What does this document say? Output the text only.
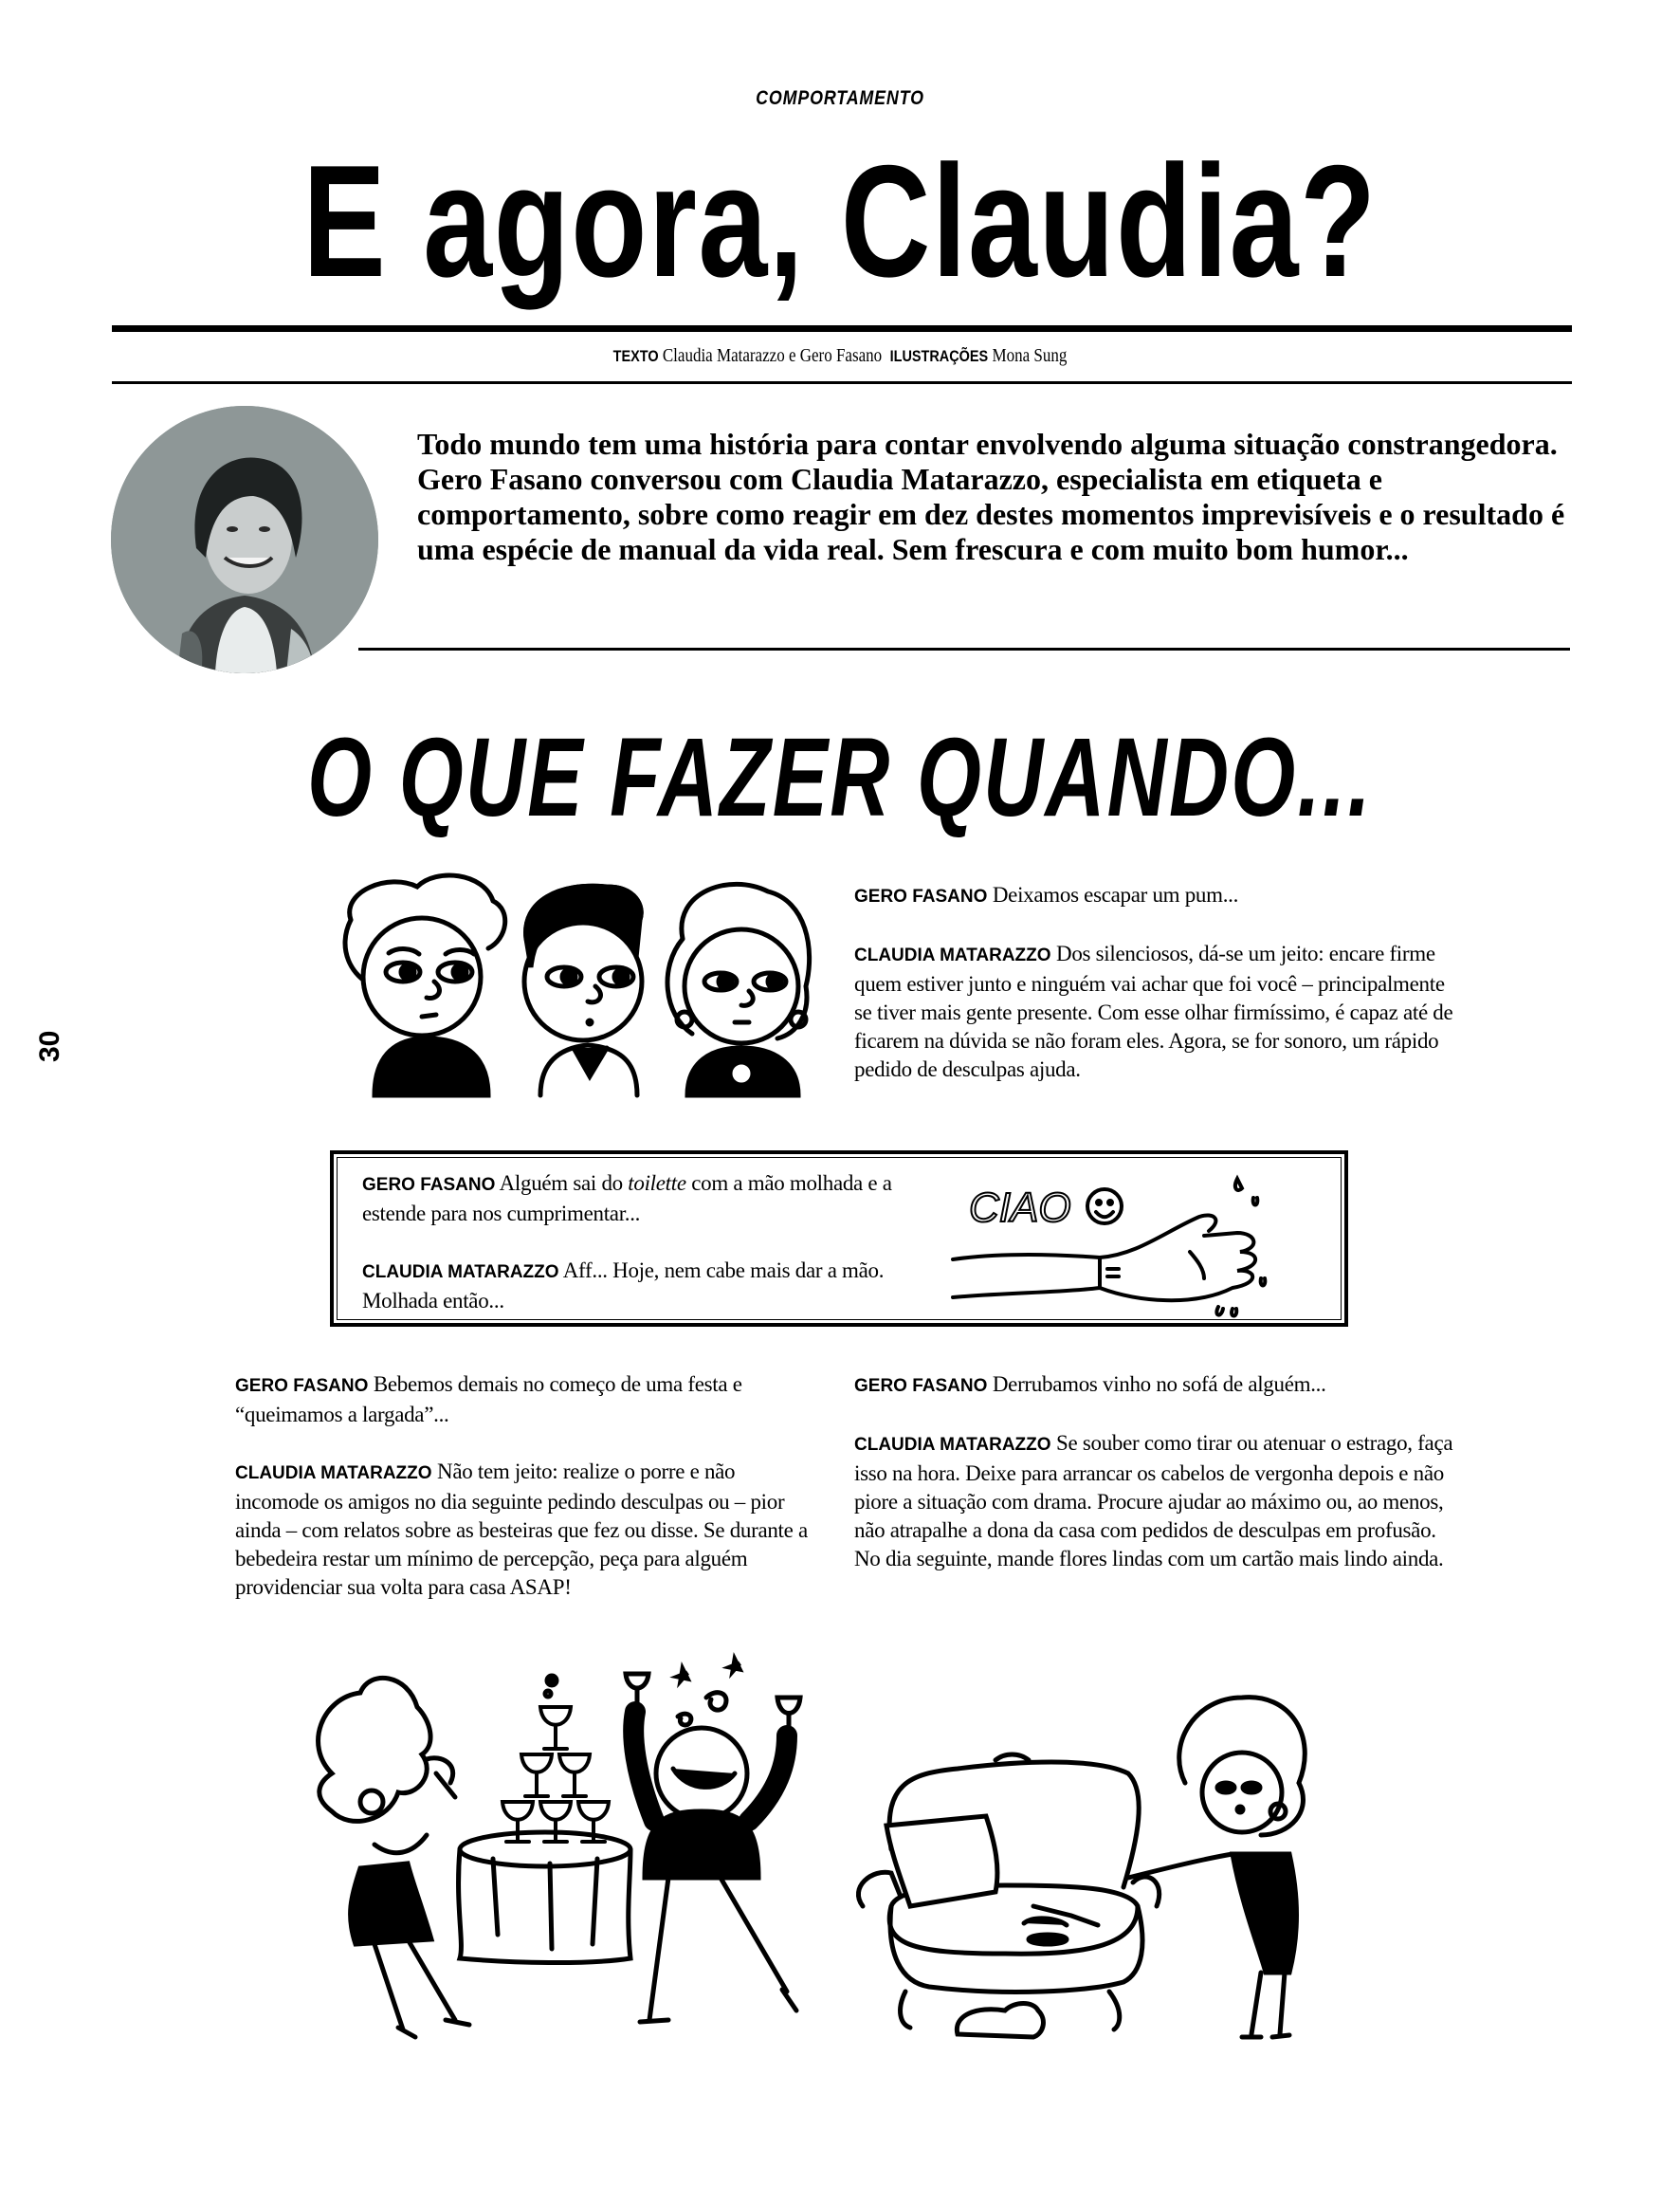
COMPORTAMENTO
E agora, Claudia?
TEXTO Claudia Matarazzo e Gero Fasano ILUSTRAÇÕES Mona Sung
Todo mundo tem uma história para contar envolvendo alguma situação constrangedora. Gero Fasano conversou com Claudia Matarazzo, especialista em etiqueta e comportamento, sobre como reagir em dez destes momentos imprevisíveis e o resultado é uma espécie de manual da vida real. Sem frescura e com muito bom humor...
O QUE FAZER QUANDO...
30

GERO FASANO Deixamos escapar um pum...

CLAUDIA MATARAZZO Dos silenciosos, dá-se um jeito: encare firme quem estiver junto e ninguém vai achar que foi você – principalmente se tiver mais gente presente. Com esse olhar firmíssimo, é capaz até de ficarem na dúvida se não foram eles. Agora, se for sonoro, um rápido pedido de desculpas ajuda.

GERO FASANO Alguém sai do toilette com a mão molhada e a estende para nos cumprimentar...

CLAUDIA MATARAZZO Aff... Hoje, nem cabe mais dar a mão. Molhada então...

CIAO

GERO FASANO Bebemos demais no começo de uma festa e “queimamos a largada”...

CLAUDIA MATARAZZO Não tem jeito: realize o porre e não incomode os amigos no dia seguinte pedindo desculpas ou – pior ainda – com relatos sobre as besteiras que fez ou disse. Se durante a bebedeira restar um mínimo de percepção, peça para alguém providenciar sua volta para casa ASAP!

GERO FASANO Derrubamos vinho no sofá de alguém...

CLAUDIA MATARAZZO Se souber como tirar ou atenuar o estrago, faça isso na hora. Deixe para arrancar os cabelos de vergonha depois e não piore a situação com drama. Procure ajudar ao máximo ou, ao menos, não atrapalhe a dona da casa com pedidos de desculpas em profusão. No dia seguinte, mande flores lindas com um cartão mais lindo ainda.
